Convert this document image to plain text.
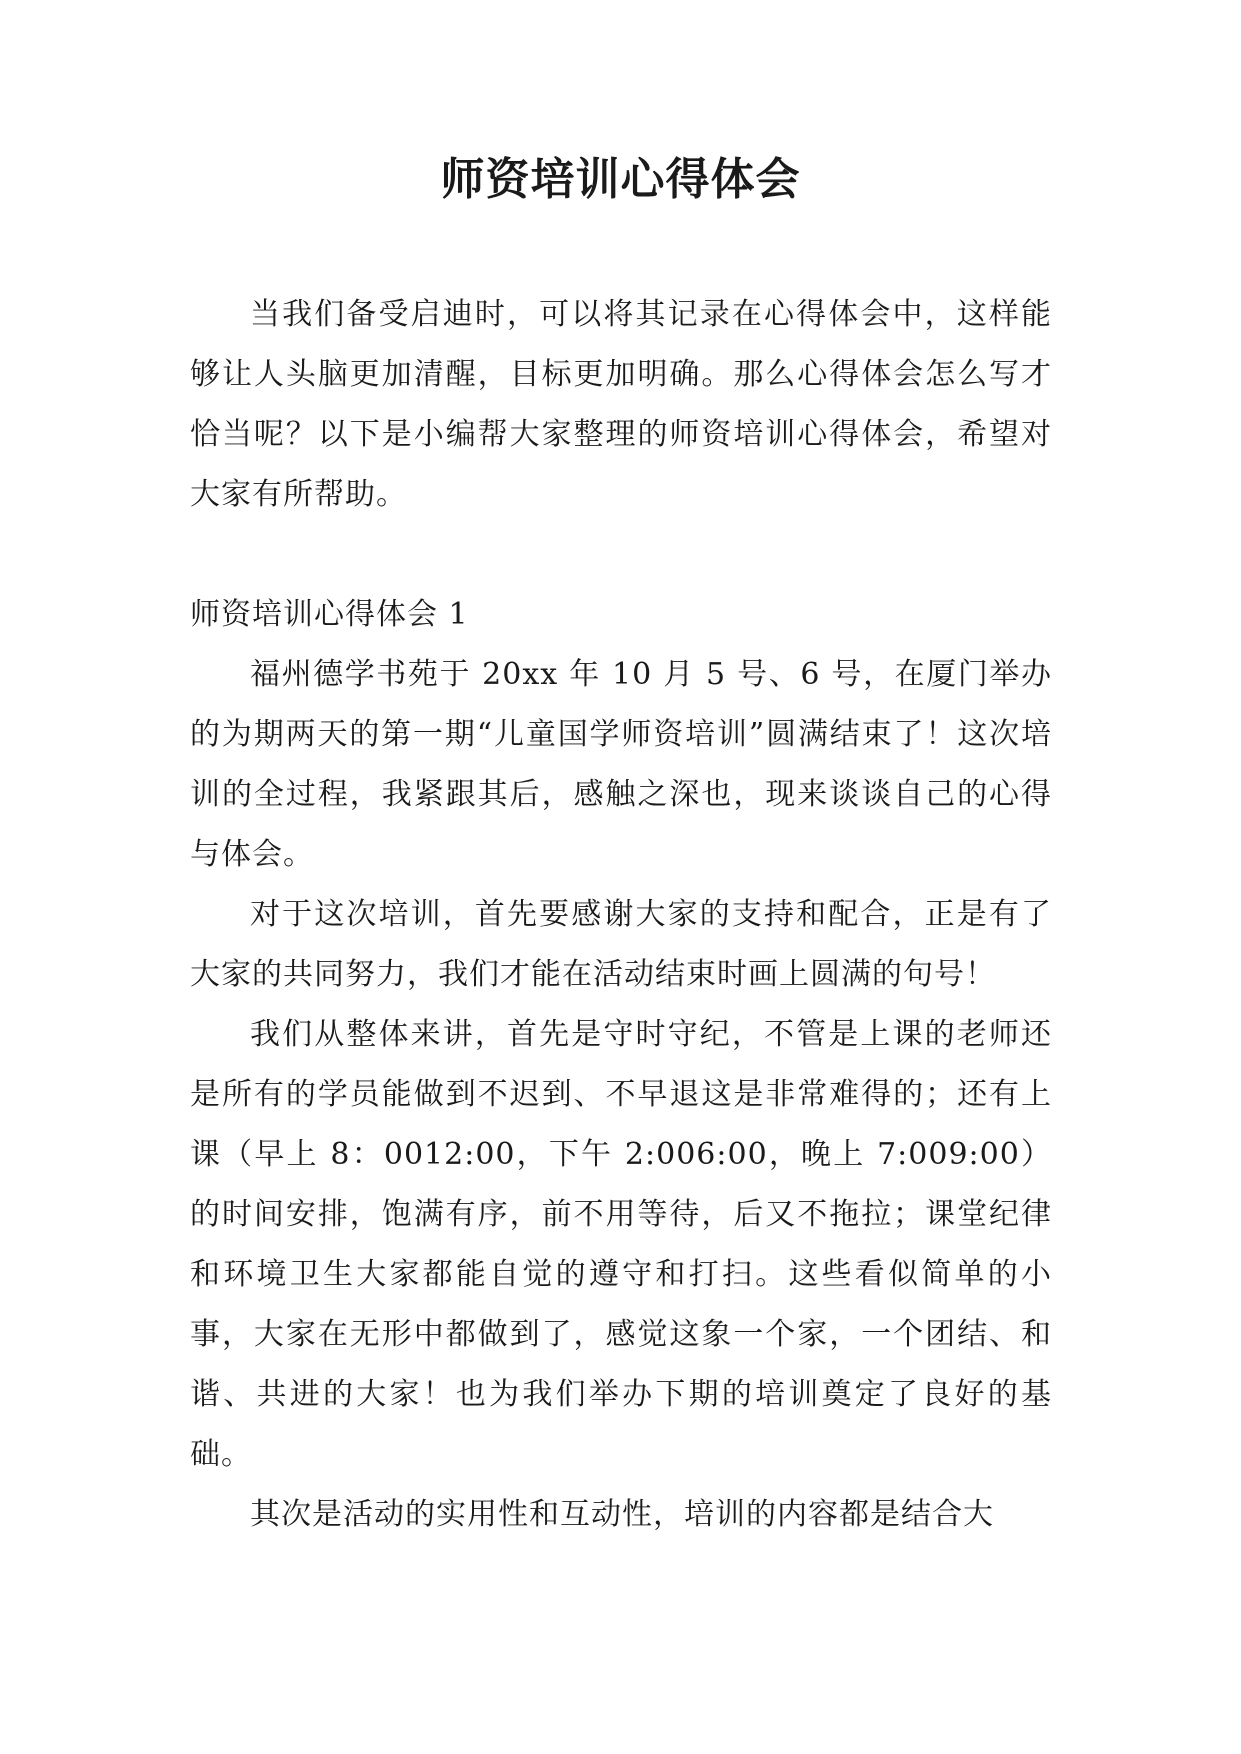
师资培训心得体会

当我们备受启迪时，可以将其记录在心得体会中，这样能够让人头脑更加清醒，目标更加明确。那么心得体会怎么写才恰当呢？以下是小编帮大家整理的师资培训心得体会，希望对大家有所帮助。

师资培训心得体会 1

福州德学书苑于 20xx 年 10 月 5 号、6 号，在厦门举办的为期两天的第一期“儿童国学师资培训”圆满结束了！这次培训的全过程，我紧跟其后，感触之深也，现来谈谈自己的心得与体会。

对于这次培训，首先要感谢大家的支持和配合，正是有了大家的共同努力，我们才能在活动结束时画上圆满的句号！

我们从整体来讲，首先是守时守纪，不管是上课的老师还是所有的学员能做到不迟到、不早退这是非常难得的；还有上课（早上 8：0012:00，下午 2:006:00，晚上 7:009:00）的时间安排，饱满有序，前不用等待，后又不拖拉；课堂纪律和环境卫生大家都能自觉的遵守和打扫。这些看似简单的小事，大家在无形中都做到了，感觉这象一个家，一个团结、和谐、共进的大家！也为我们举办下期的培训奠定了良好的基础。

其次是活动的实用性和互动性，培训的内容都是结合大
